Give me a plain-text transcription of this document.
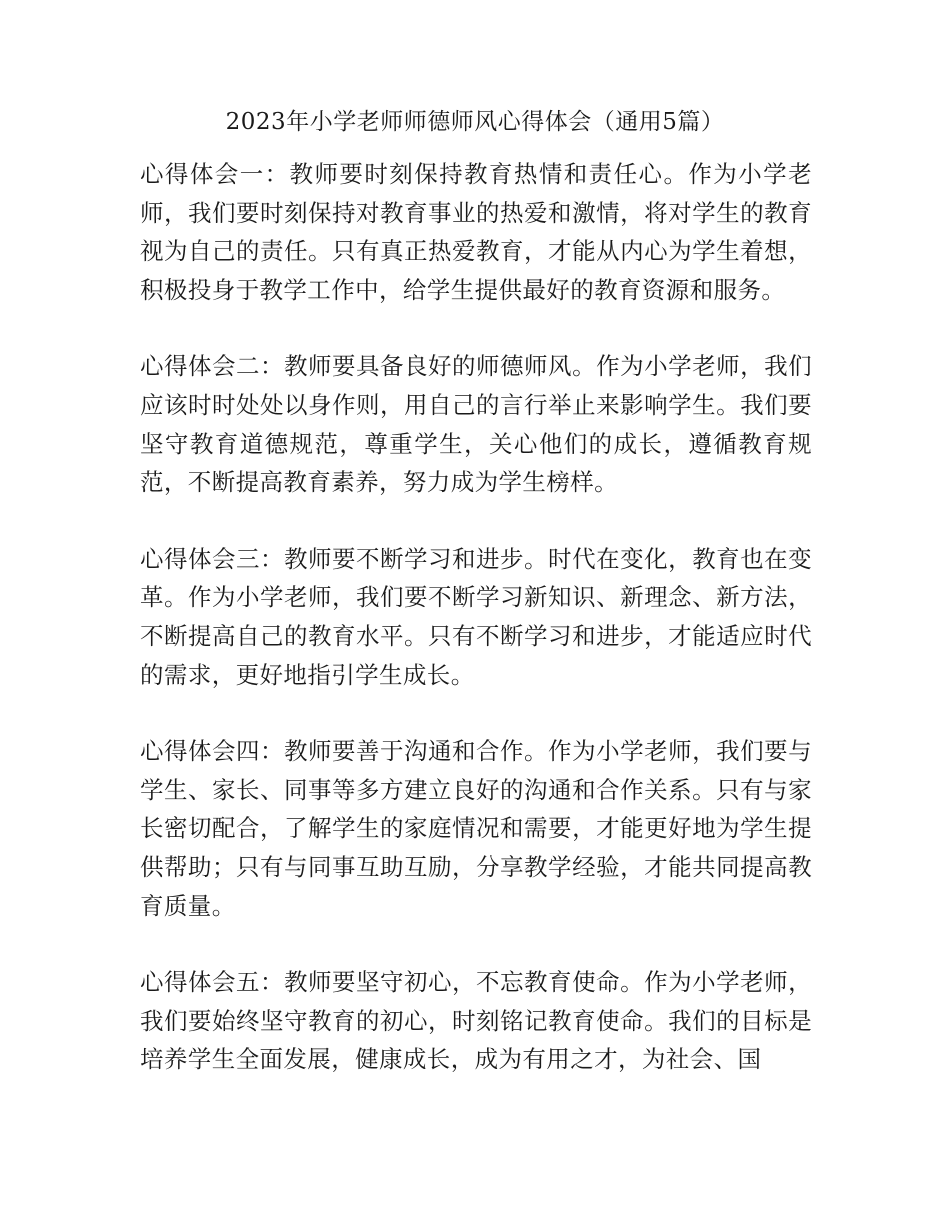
2023年小学老师师德师风心得体会（通用5篇）

心得体会一：教师要时刻保持教育热情和责任心。作为小学老师，我们要时刻保持对教育事业的热爱和激情，将对学生的教育视为自己的责任。只有真正热爱教育，才能从内心为学生着想，积极投身于教学工作中，给学生提供最好的教育资源和服务。

心得体会二：教师要具备良好的师德师风。作为小学老师，我们应该时时处处以身作则，用自己的言行举止来影响学生。我们要坚守教育道德规范，尊重学生，关心他们的成长，遵循教育规范，不断提高教育素养，努力成为学生榜样。

心得体会三：教师要不断学习和进步。时代在变化，教育也在变革。作为小学老师，我们要不断学习新知识、新理念、新方法，不断提高自己的教育水平。只有不断学习和进步，才能适应时代的需求，更好地指引学生成长。

心得体会四：教师要善于沟通和合作。作为小学老师，我们要与学生、家长、同事等多方建立良好的沟通和合作关系。只有与家长密切配合，了解学生的家庭情况和需要，才能更好地为学生提供帮助；只有与同事互助互励，分享教学经验，才能共同提高教育质量。

心得体会五：教师要坚守初心，不忘教育使命。作为小学老师，我们要始终坚守教育的初心，时刻铭记教育使命。我们的目标是培养学生全面发展，健康成长，成为有用之才，为社会、国
